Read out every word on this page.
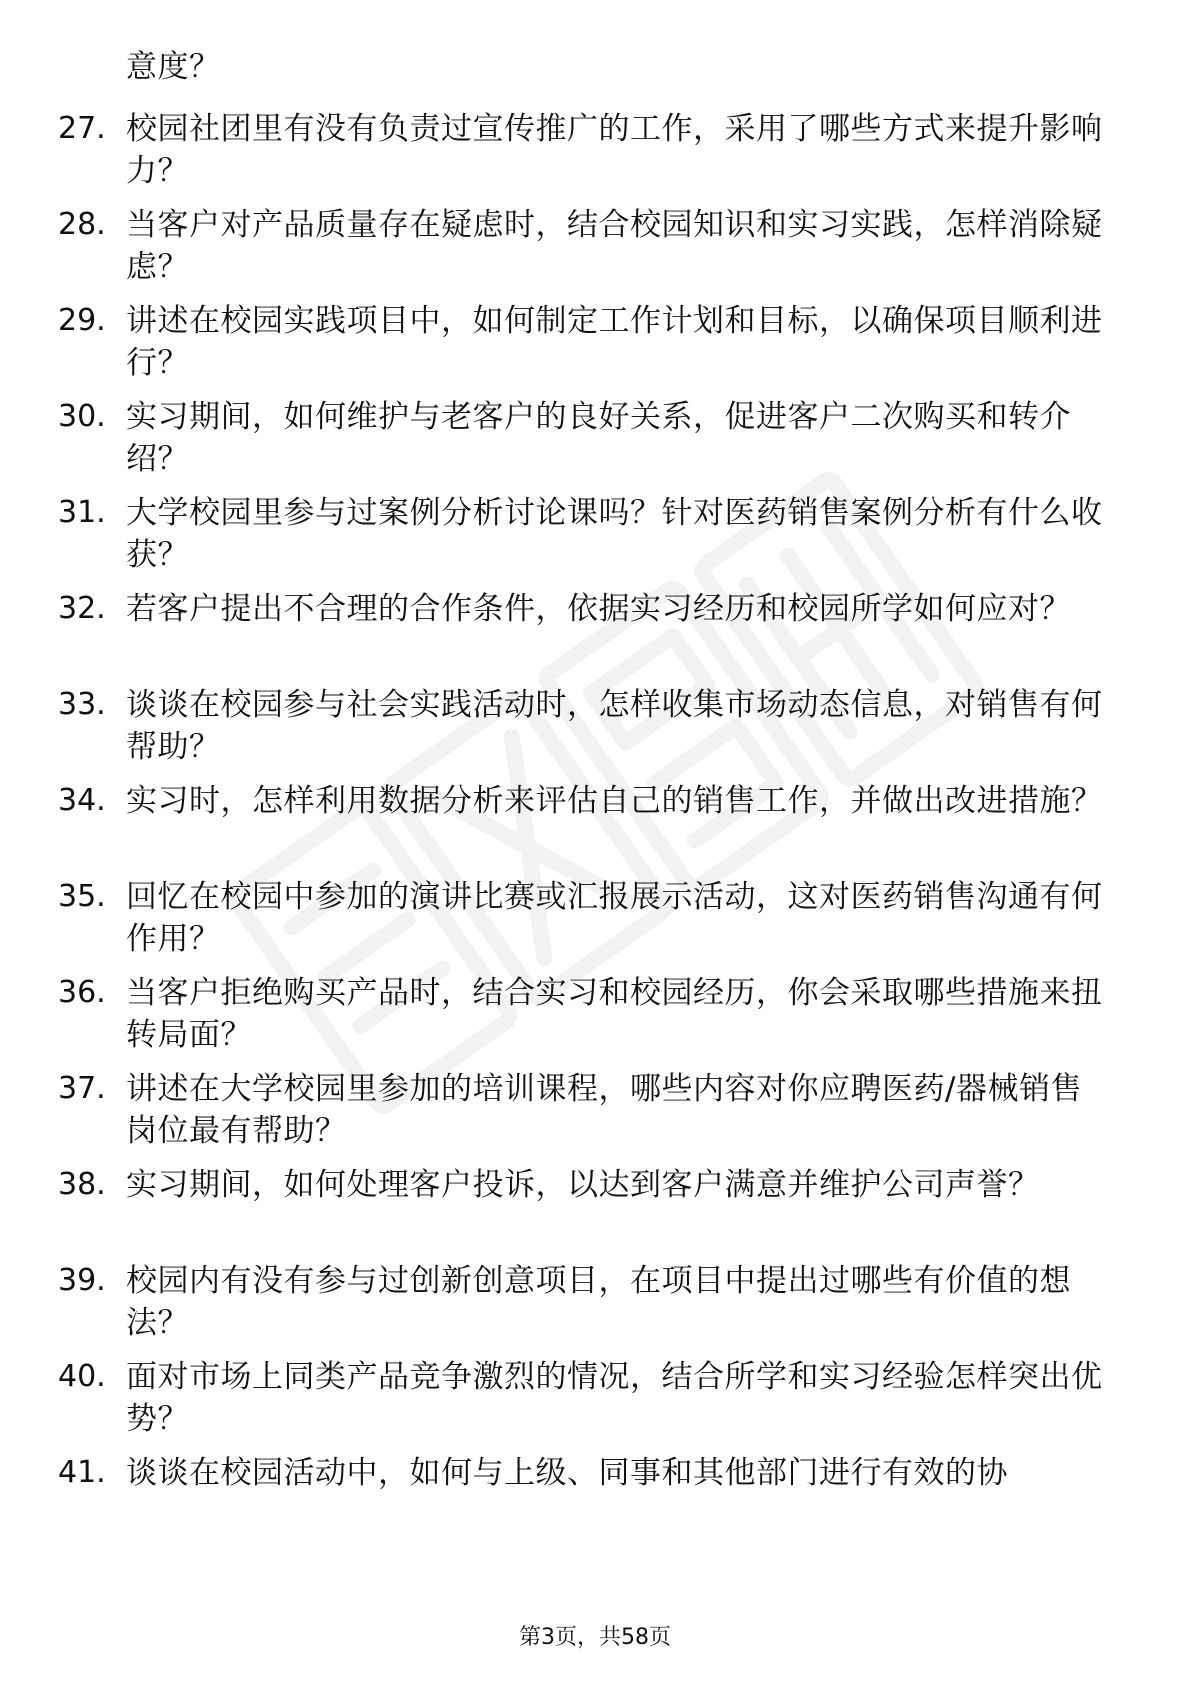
意度？
27. 校园社团里有没有负责过宣传推广的工作，采用了哪些方式来提升影响力？
28. 当客户对产品质量存在疑虑时，结合校园知识和实习实践，怎样消除疑虑？
29. 讲述在校园实践项目中，如何制定工作计划和目标，以确保项目顺利进行？
30. 实习期间，如何维护与老客户的良好关系，促进客户二次购买和转介绍？
31. 大学校园里参与过案例分析讨论课吗？针对医药销售案例分析有什么收获？
32. 若客户提出不合理的合作条件，依据实习经历和校园所学如何应对？
33. 谈谈在校园参与社会实践活动时，怎样收集市场动态信息，对销售有何帮助？
34. 实习时，怎样利用数据分析来评估自己的销售工作，并做出改进措施？
35. 回忆在校园中参加的演讲比赛或汇报展示活动，这对医药销售沟通有何作用？
36. 当客户拒绝购买产品时，结合实习和校园经历，你会采取哪些措施来扭转局面？
37. 讲述在大学校园里参加的培训课程，哪些内容对你应聘医药/器械销售岗位最有帮助？
38. 实习期间，如何处理客户投诉，以达到客户满意并维护公司声誉？
39. 校园内有没有参与过创新创意项目，在项目中提出过哪些有价值的想法？
40. 面对市场上同类产品竞争激烈的情况，结合所学和实习经验怎样突出优势？
41. 谈谈在校园活动中，如何与上级、同事和其他部门进行有效的协
第3页，共58页
